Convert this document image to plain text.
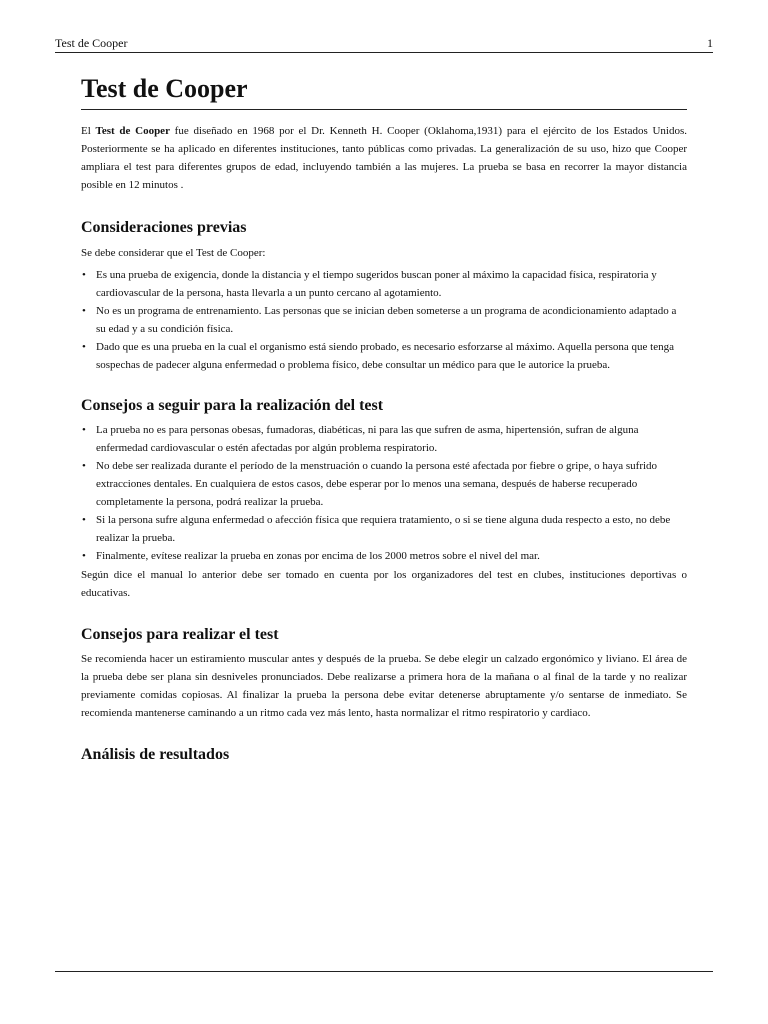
Test de Cooper	1
Test de Cooper

El Test de Cooper fue diseñado en 1968 por el Dr. Kenneth H. Cooper (Oklahoma,1931) para el ejército de los Estados Unidos. Posteriormente se ha aplicado en diferentes instituciones, tanto públicas como privadas. La generalización de su uso, hizo que Cooper ampliara el test para diferentes grupos de edad, incluyendo también a las mujeres. La prueba se basa en recorrer la mayor distancia posible en 12 minutos .

Consideraciones previas

Se debe considerar que el Test de Cooper:

• Es una prueba de exigencia, donde la distancia y el tiempo sugeridos buscan poner al máximo la capacidad física, respiratoria y cardiovascular de la persona, hasta llevarla a un punto cercano al agotamiento.
• No es un programa de entrenamiento. Las personas que se inician deben someterse a un programa de acondicionamiento adaptado a su edad y a su condición física.
• Dado que es una prueba en la cual el organismo está siendo probado, es necesario esforzarse al máximo. Aquella persona que tenga sospechas de padecer alguna enfermedad o problema físico, debe consultar un médico para que le autorice la prueba.
Consejos a seguir para la realización del test
• La prueba no es para personas obesas, fumadoras, diabéticas, ni para las que sufren de asma, hipertensión, sufran de alguna enfermedad cardiovascular o estén afectadas por algún problema respiratorio.
• No debe ser realizada durante el período de la menstruación o cuando la persona esté afectada por fiebre o gripe, o haya sufrido extracciones dentales. En cualquiera de estos casos, debe esperar por lo menos una semana, después de haberse recuperado completamente la persona, podrá realizar la prueba.
• Si la persona sufre alguna enfermedad o afección física que requiera tratamiento, o si se tiene alguna duda respecto a esto, no debe realizar la prueba.
• Finalmente, evítese realizar la prueba en zonas por encima de los 2000 metros sobre el nivel del mar.

Según dice el manual lo anterior debe ser tomado en cuenta por los organizadores del test en clubes, instituciones deportivas o educativas.

Consejos para realizar el test

Se recomienda hacer un estiramiento muscular antes y después de la prueba. Se debe elegir un calzado ergonómico y liviano. El área de la prueba debe ser plana sin desniveles pronunciados. Debe realizarse a primera hora de la mañana o al final de la tarde y no realizar previamente comidas copiosas. Al finalizar la prueba la persona debe evitar detenerse abruptamente y/o sentarse de inmediato. Se recomienda mantenerse caminando a un ritmo cada vez más lento, hasta normalizar el ritmo respiratorio y cardiaco.

Análisis de resultados
